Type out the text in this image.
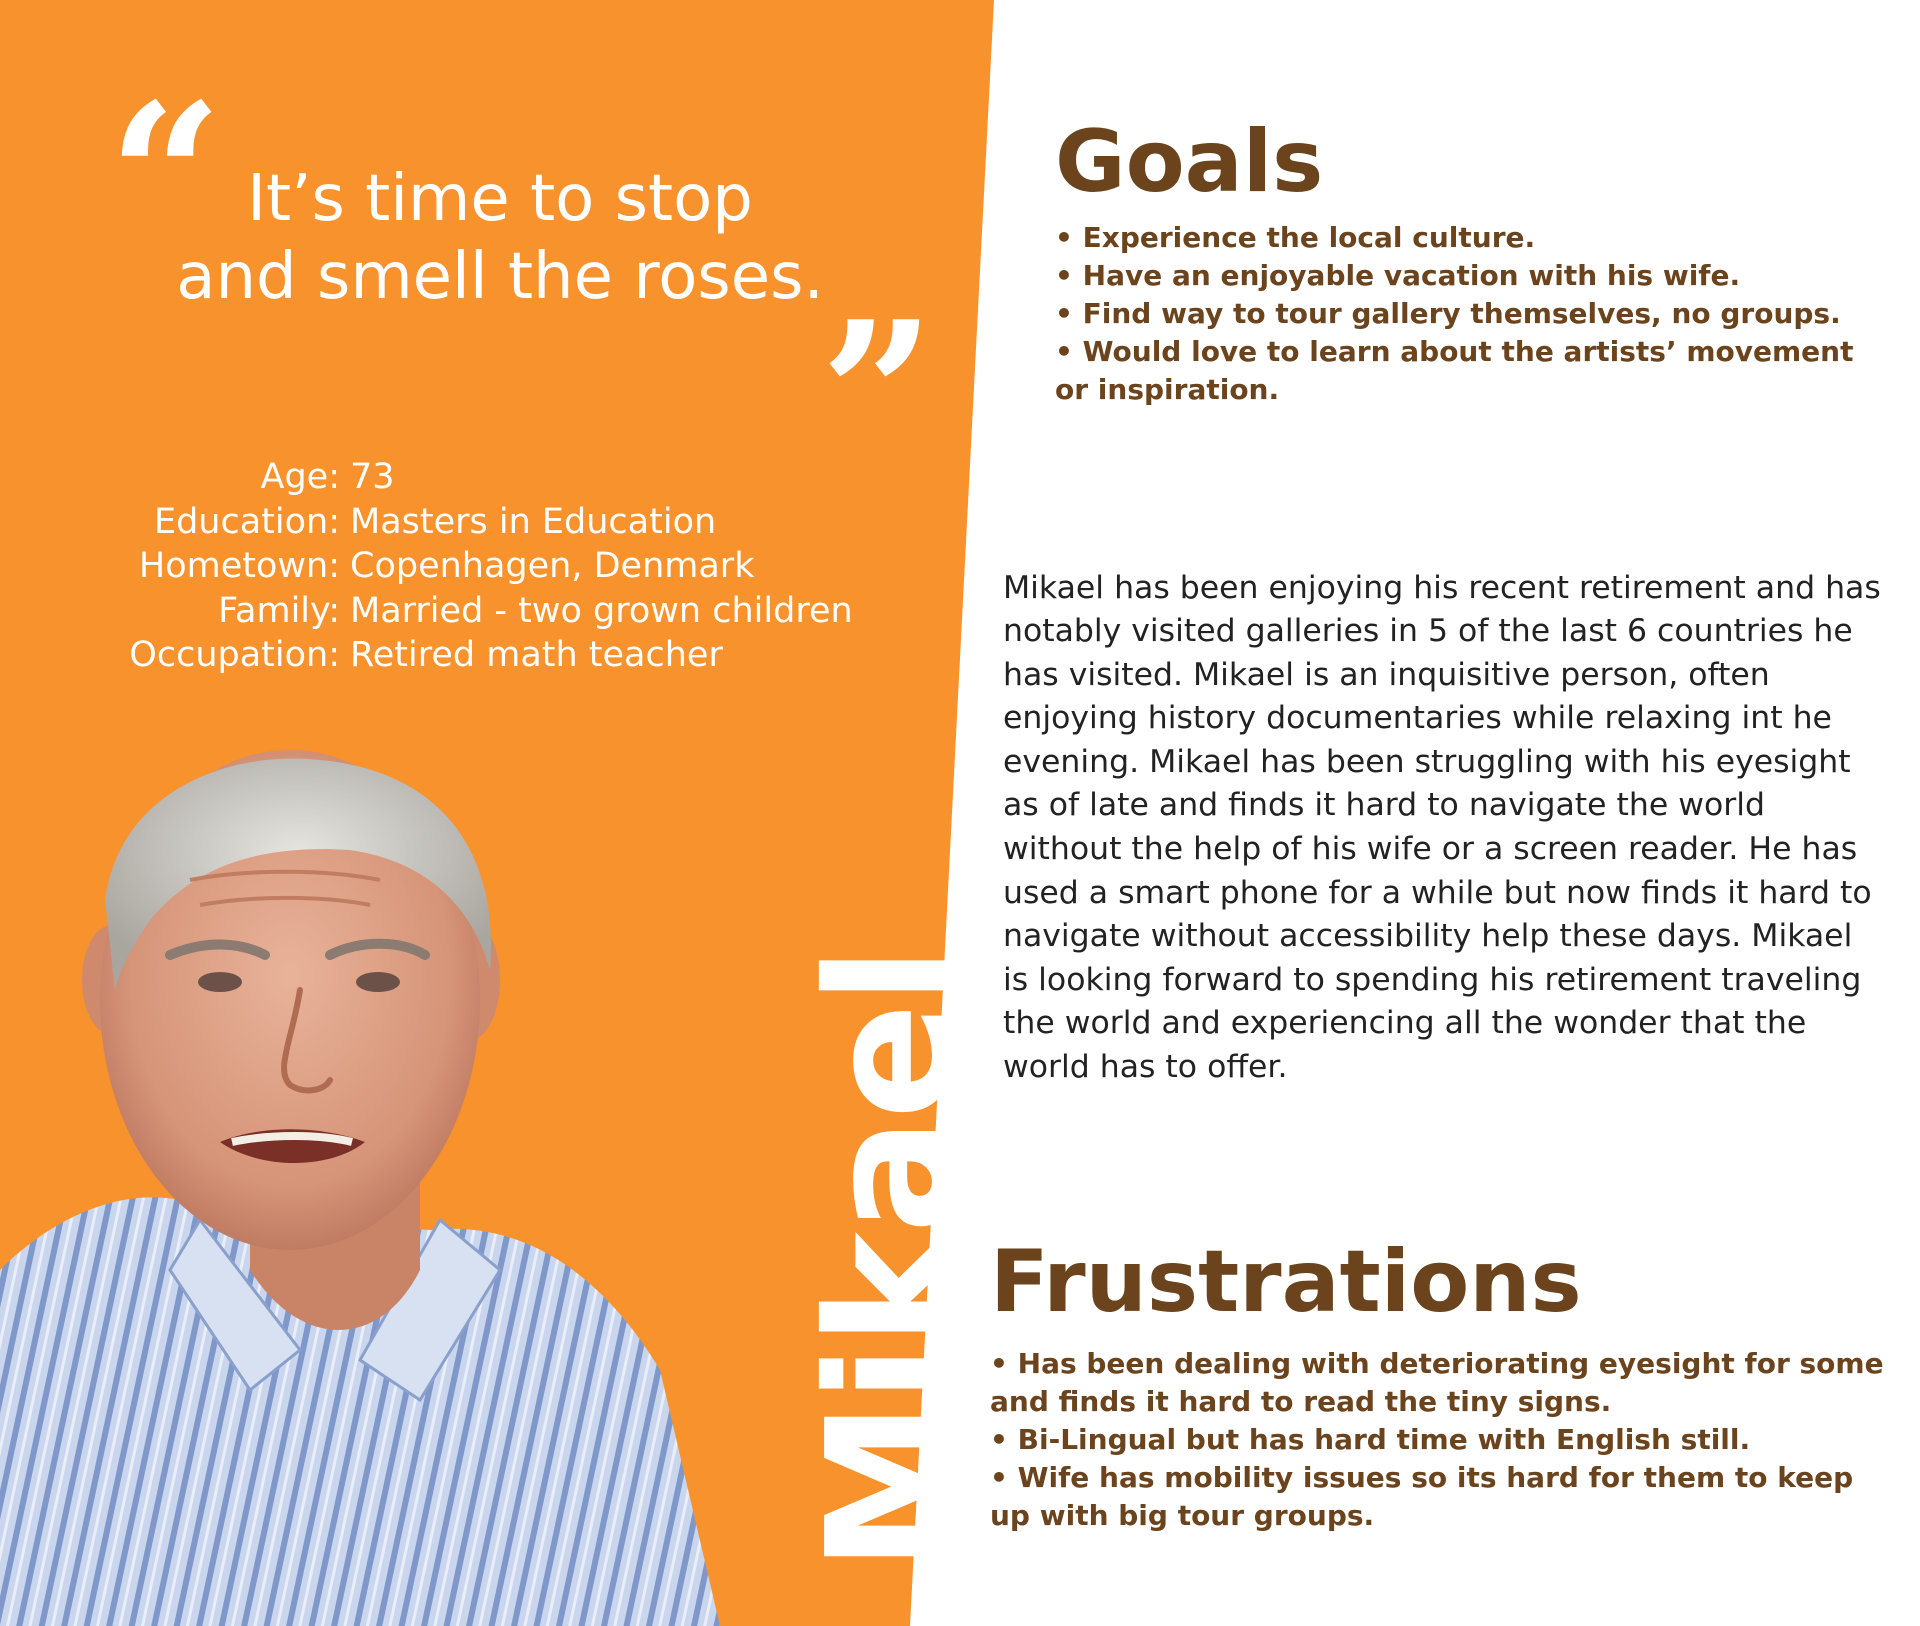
“ It’s time to stop
and smell the roses.
”
Age: 73
Education: Masters in Education
Hometown: Copenhagen, Denmark
Family: Married - two grown children
Occupation: Retired math teacher
Mikael
Goals
• Experience the local culture.
• Have an enjoyable vacation with his wife.
• Find way to tour gallery themselves, no groups.
• Would love to learn about the artists’ movement or inspiration.

Mikael has been enjoying his recent retirement and has notably visited galleries in 5 of the last 6 countries he has visited. Mikael is an inquisitive person, often enjoying history documentaries while relaxing int he evening. Mikael has been struggling with his eyesight as of late and finds it hard to navigate the world without the help of his wife or a screen reader. He has used a smart phone for a while but now finds it hard to navigate without accessibility help these days. Mikael is looking forward to spending his retirement traveling the world and experiencing all the wonder that the world has to offer.

Frustrations
• Has been dealing with deteriorating eyesight for some and finds it hard to read the tiny signs.
• Bi-Lingual but has hard time with English still.
• Wife has mobility issues so its hard for them to keep up with big tour groups.
